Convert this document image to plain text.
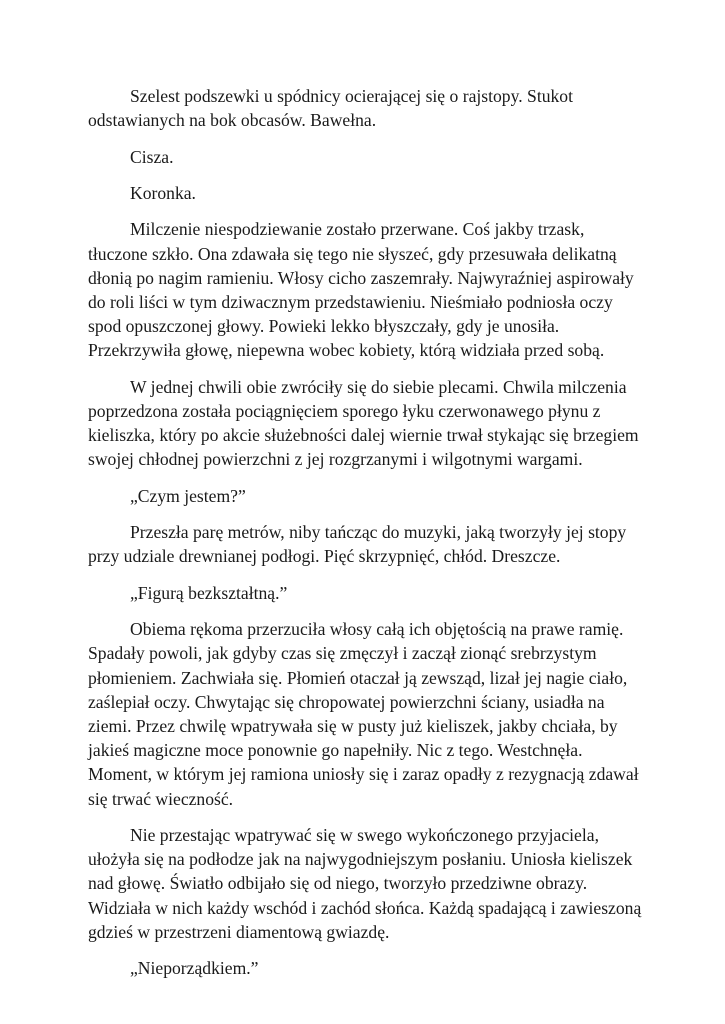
Szelest podszewki u spódnicy ocierającej się o rajstopy. Stukot odstawianych na bok obcasów. Bawełna.

Cisza.

Koronka.

Milczenie niespodziewanie zostało przerwane. Coś jakby trzask, tłuczone szkło. Ona zdawała się tego nie słyszeć, gdy przesuwała delikatną dłonią po nagim ramieniu. Włosy cicho zaszemrały. Najwyraźniej aspirowały do roli liści w tym dziwacznym przedstawieniu. Nieśmiało podniosła oczy spod opuszczonej głowy. Powieki lekko błyszczały, gdy je unosiła. Przekrzywiła głowę, niepewna wobec kobiety, którą widziała przed sobą.

W jednej chwili obie zwróciły się do siebie plecami. Chwila milczenia poprzedzona została pociągnięciem sporego łyku czerwonawego płynu z kieliszka, który po akcie służebności dalej wiernie trwał stykając się brzegiem swojej chłodnej powierzchni z jej rozgrzanymi i wilgotnymi wargami.

„Czym jestem?”

Przeszła parę metrów, niby tańcząc do muzyki, jaką tworzyły jej stopy przy udziale drewnianej podłogi. Pięć skrzypnięć, chłód. Dreszcze.

„Figurą bezkształtną.”

Obiema rękoma przerzuciła włosy całą ich objętością na prawe ramię. Spadały powoli, jak gdyby czas się zmęczył i zaczął zionąć srebrzystym płomieniem. Zachwiała się. Płomień otaczał ją zewsząd, lizał jej nagie ciało, zaślepiał oczy. Chwytając się chropowatej powierzchni ściany, usiadła na ziemi. Przez chwilę wpatrywała się w pusty już kieliszek, jakby chciała, by jakieś magiczne moce ponownie go napełniły. Nic z tego. Westchnęła. Moment, w którym jej ramiona uniosły się i zaraz opadły z rezygnacją zdawał się trwać wieczność.

Nie przestając wpatrywać się w swego wykończonego przyjaciela, ułożyła się na podłodze jak na najwygodniejszym posłaniu. Uniosła kieliszek nad głowę. Światło odbijało się od niego, tworzyło przedziwne obrazy. Widziała w nich każdy wschód i zachód słońca. Każdą spadającą i zawieszoną gdzieś w przestrzeni diamentową gwiazdę.

„Nieporządkiem.”
